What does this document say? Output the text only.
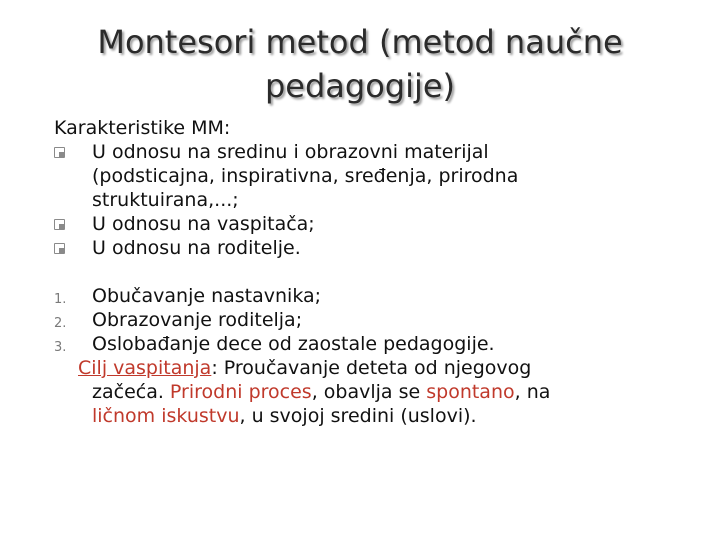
Montesori metod (metod naučne
pedagogije)
Karakteristike MM:
U odnosu na sredinu i obrazovni materijal
(podsticajna, inspirativna, sređenja, prirodna
struktuirana,...;
U odnosu na vaspitača;
U odnosu na roditelje.
1. Obučavanje nastavnika;
2. Obrazovanje roditelja;
3. Oslobađanje dece od zaostale pedagogije.
Cilj vaspitanja: Proučavanje deteta od njegovog
začeća. Prirodni proces, obavlja se spontano, na
ličnom iskustvu, u svojoj sredini (uslovi).
